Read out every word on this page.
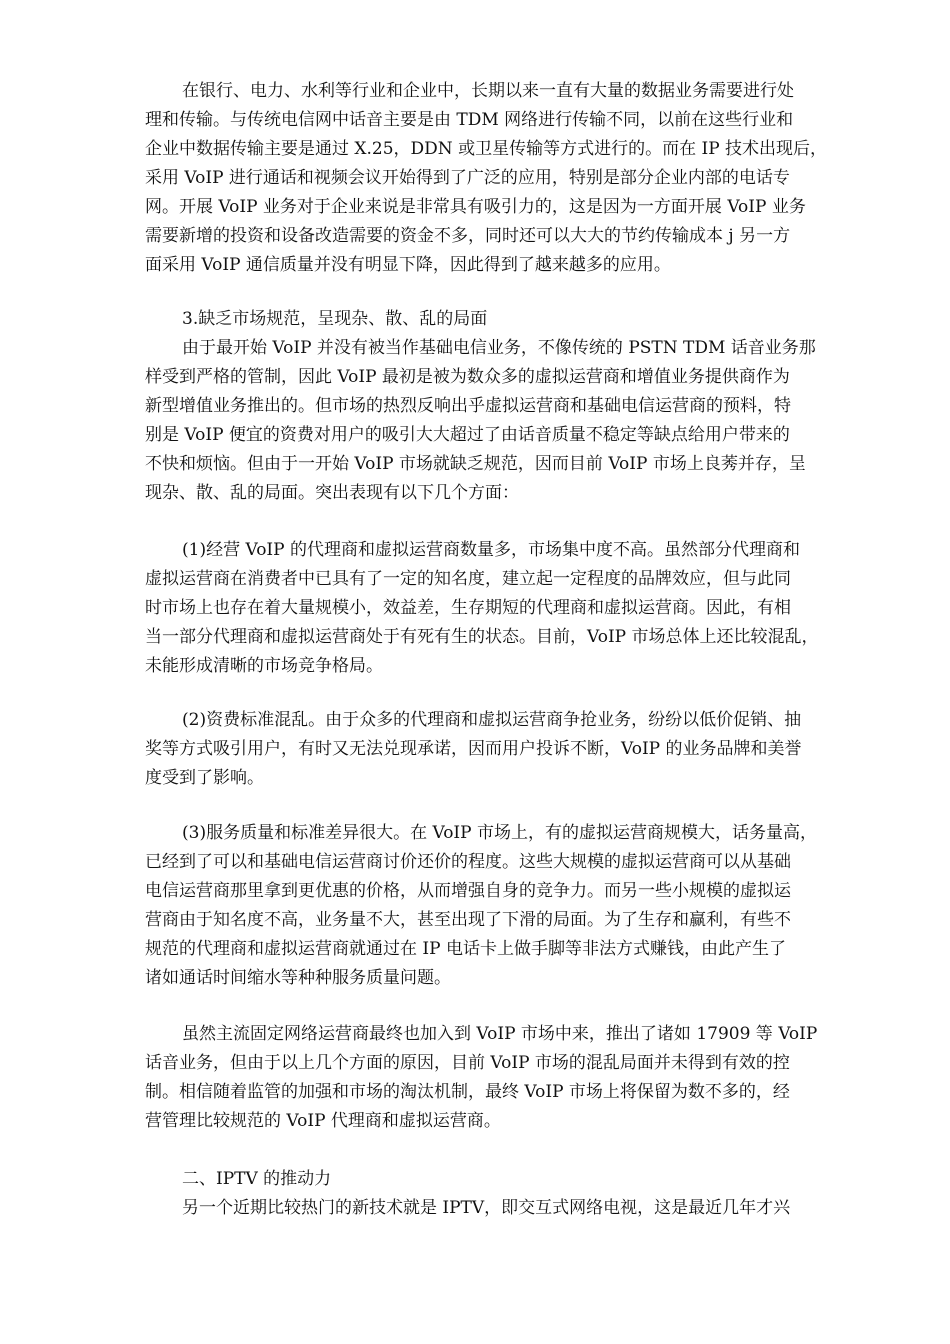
在银行、电力、水利等行业和企业中，长期以来一直有大量的数据业务需要进行处
理和传输。与传统电信网中话音主要是由 TDM 网络进行传输不同，以前在这些行业和
企业中数据传输主要是通过 X.25，DDN 或卫星传输等方式进行的。而在 IP 技术出现后，
采用 VoIP 进行通话和视频会议开始得到了广泛的应用，特别是部分企业内部的电话专
网。开展 VoIP 业务对于企业来说是非常具有吸引力的，这是因为一方面开展 VoIP 业务
需要新增的投资和设备改造需要的资金不多，同时还可以大大的节约传输成本 j 另一方
面采用 VoIP 通信质量并没有明显下降，因此得到了越来越多的应用。
3.缺乏市场规范，呈现杂、散、乱的局面
由于最开始 VoIP 并没有被当作基础电信业务，不像传统的 PSTN TDM 话音业务那
样受到严格的管制，因此 VoIP 最初是被为数众多的虚拟运营商和增值业务提供商作为
新型增值业务推出的。但市场的热烈反响出乎虚拟运营商和基础电信运营商的预料，特
别是 VoIP 便宜的资费对用户的吸引大大超过了由话音质量不稳定等缺点给用户带来的
不快和烦恼。但由于一开始 VoIP 市场就缺乏规范，因而目前 VoIP 市场上良莠并存，呈
现杂、散、乱的局面。突出表现有以下几个方面：
(1)经营 VoIP 的代理商和虚拟运营商数量多，市场集中度不高。虽然部分代理商和
虚拟运营商在消费者中已具有了一定的知名度，建立起一定程度的品牌效应，但与此同
时市场上也存在着大量规模小，效益差，生存期短的代理商和虚拟运营商。因此，有相
当一部分代理商和虚拟运营商处于有死有生的状态。目前，VoIP 市场总体上还比较混乱，
未能形成清晰的市场竞争格局。
(2)资费标准混乱。由于众多的代理商和虚拟运营商争抢业务，纷纷以低价促销、抽
奖等方式吸引用户，有时又无法兑现承诺，因而用户投诉不断，VoIP 的业务品牌和美誉
度受到了影响。
(3)服务质量和标准差异很大。在 VoIP 市场上，有的虚拟运营商规模大，话务量高，
已经到了可以和基础电信运营商讨价还价的程度。这些大规模的虚拟运营商可以从基础
电信运营商那里拿到更优惠的价格，从而增强自身的竞争力。而另一些小规模的虚拟运
营商由于知名度不高，业务量不大，甚至出现了下滑的局面。为了生存和赢利，有些不
规范的代理商和虚拟运营商就通过在 IP 电话卡上做手脚等非法方式赚钱，由此产生了
诸如通话时间缩水等种种服务质量问题。
虽然主流固定网络运营商最终也加入到 VoIP 市场中来，推出了诸如 17909 等 VoIP
话音业务，但由于以上几个方面的原因，目前 VoIP 市场的混乱局面并未得到有效的控
制。相信随着监管的加强和市场的淘汰机制，最终 VoIP 市场上将保留为数不多的，经
营管理比较规范的 VoIP 代理商和虚拟运营商。
二、IPTV 的推动力
另一个近期比较热门的新技术就是 IPTV，即交互式网络电视，这是最近几年才兴
